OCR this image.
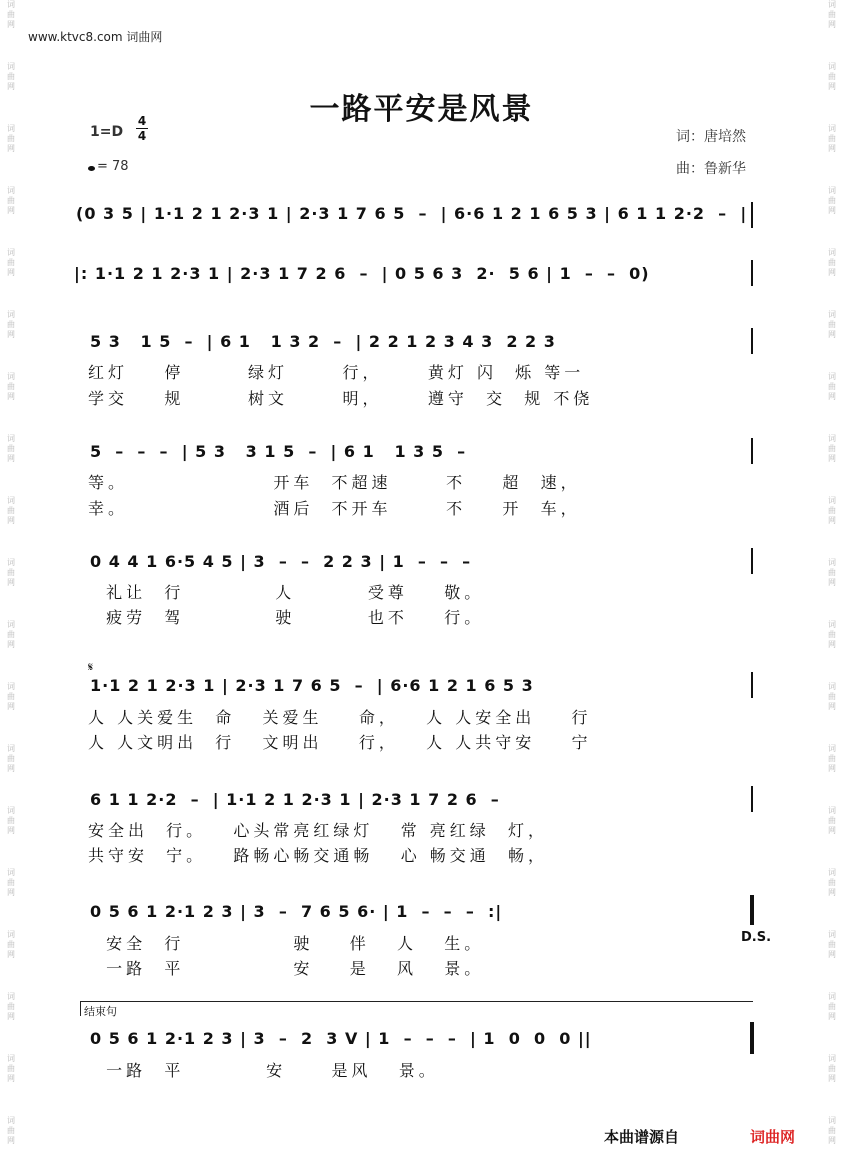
词
曲
网
词
曲
网
词
曲
网
词
曲
网
词
曲
网
词
曲
网
词
曲
网
词
曲
网
词
曲
网
词
曲
网
词
曲
网
词
曲
网
词
曲
网
词
曲
网
词
曲
网
词
曲
网
词
曲
网
词
曲
网
词
曲
网
词
曲
网
词
曲
网
词
曲
网
词
曲
网
词
曲
网
词
曲
网
词
曲
网
词
曲
网
词
曲
网
词
曲
网
词
曲
网
词
曲
网
词
曲
网
词
曲
网
词
曲
网
词
曲
网
词
曲
网
词
曲
网
词
曲
网
www.ktvc8.com 词曲网
一路平安是风景
1=D
4
4
= 78
词：唐培然
曲：鲁新华
(0 3 5 | 1·1 2 1 2·3 1 | 2·3 1 7 6 5  –  | 6·6 1 2 1 6 5 3 | 6 1 1 2·2  –  |
|: 1·1 2 1 2·3 1 | 2·3 1 7 2 6  –  | 0 5 6 3  2·  5 6 | 1  –  –  0)
5 3   1 5  –  | 6 1   1 3 2  –  | 2 2 1 2 3 4 3  2 2 3
红灯    停       绿灯      行，     黄灯 闪  烁 等一
学交    规       树文      明，     遵守  交  规 不侥
5  –  –  –  | 5 3   3 1 5  –  | 6 1   1 3 5  –
等。                开车  不超速      不    超  速，
幸。                酒后  不开车      不    开  车，
0 4 4 1 6·5 4 5 | 3  –  –  2 2 3 | 1  –  –  –
礼让  行          人        受尊    敬。
疲劳  驾          驶        也不    行。
𝄋
1·1 2 1 2·3 1 | 2·3 1 7 6 5  –  | 6·6 1 2 1 6 5 3
人 人关爱生  命   关爱生    命，   人 人安全出    行
人 人文明出  行   文明出    行，   人 人共守安    宁
6 1 1 2·2  –  | 1·1 2 1 2·3 1 | 2·3 1 7 2 6  –
安全出  行。   心头常亮红绿灯   常 亮红绿  灯，
共守安  宁。   路畅心畅交通畅   心 畅交通  畅，
0 5 6 1 2·1 2 3 | 3  –  7 6 5 6· | 1  –  –  –  :|
安全  行            驶    伴   人   生。
一路  平            安    是   风   景。
D.S.
结束句
0 5 6 1 2·1 2 3 | 3  –  2  3 V | 1  –  –  –  | 1  0  0  0 ||
一路  平         安     是风   景。
本曲谱源自	词曲网
